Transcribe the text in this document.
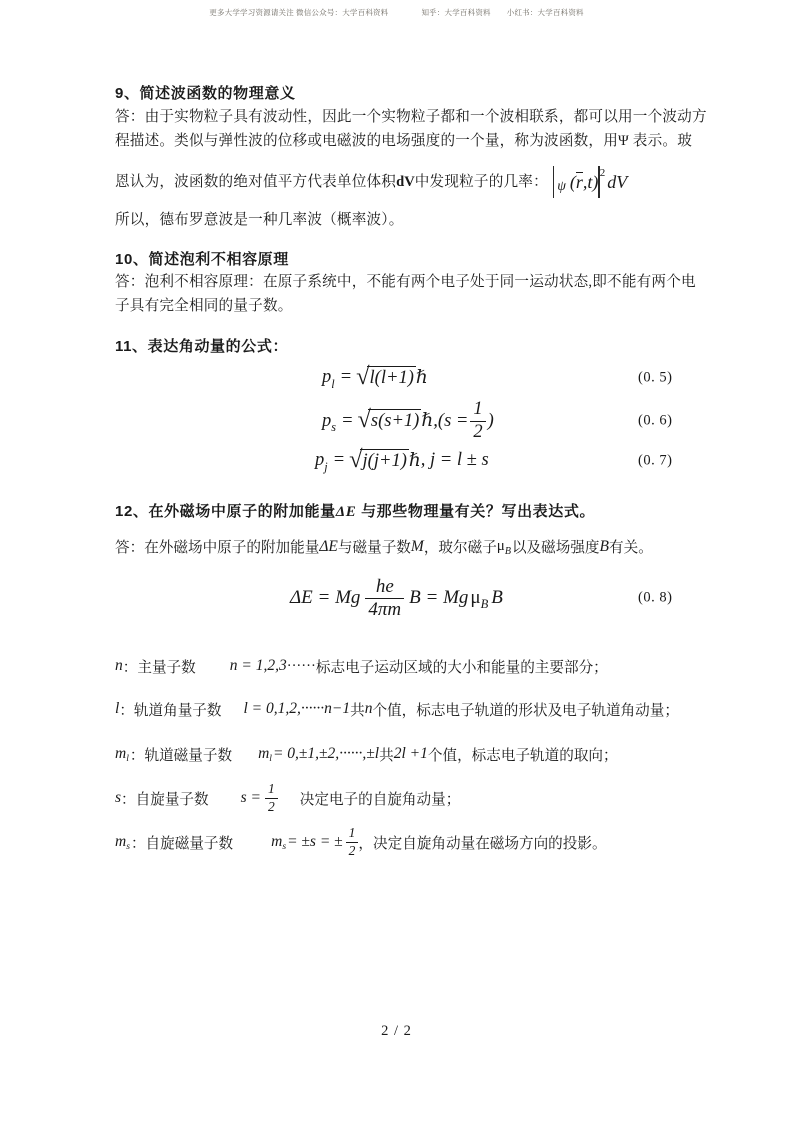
更多大学学习资源请关注 微信公众号：大学百科资料	知乎：大学百科资料 小红书：大学百科资料
9、简述波函数的物理意义
答：由于实物粒子具有波动性，因此一个实物粒子都和一个波相联系，都可以用一个波动方
程描述。类似与弹性波的位移或电磁波的电场强度的一个量，称为波函数，用Ψ 表示。玻
恩认为，波函数的绝对值平方代表单位体积 dV 中发现粒子的几率： ψ ( r ,t) 2 dV
所以，德布罗意波是一种几率波（概率波）。
10、简述泡利不相容原理
答：泡利不相容原理：在原子系统中，不能有两个电子处于同一运动状态,即不能有两个电
子具有完全相同的量子数。
11、表达角动量的公式：
p l = √ l(l+1) ℏ	(0. 5)
p s = √ s(s+1) ℏ $,(s = \frac{1}{2}$ )	(0. 6)
p j = √ j(j+1) ℏ , j = l ± s	(0. 7)
12、在外磁场中原子的附加能量ΔE 与那些物理量有关？写出表达式。
答：在外磁场中原子的附加能量 ΔE 与磁量子数 M ，玻尔磁子 μ B 以及磁场强度 B 有关。
ΔE = Mg $\frac{he}{4\pi m}$ B = Mg μ B B	(0. 8)
n ：主量子数 n = 1,2,3 ······ 标志电子运动区域的大小和能量的主要部分；
l ：轨道角量子数 l = 0,1,2,······n−1 共 n 个值，标志电子轨道的形状及电子轨道角动量；
m l ：轨道磁量子数 m l = 0,±1,±2,······,±l 共 2l +1 个值，标志电子轨道的取向；
s ：自旋量子数 $s = \frac{1}{2}$ 决定电子的自旋角动量；
m s ：自旋磁量子数 m s = ±s = ± $\frac{1}{2}$ ， 决定自旋角动量在磁场方向的投影。
2 / 2
